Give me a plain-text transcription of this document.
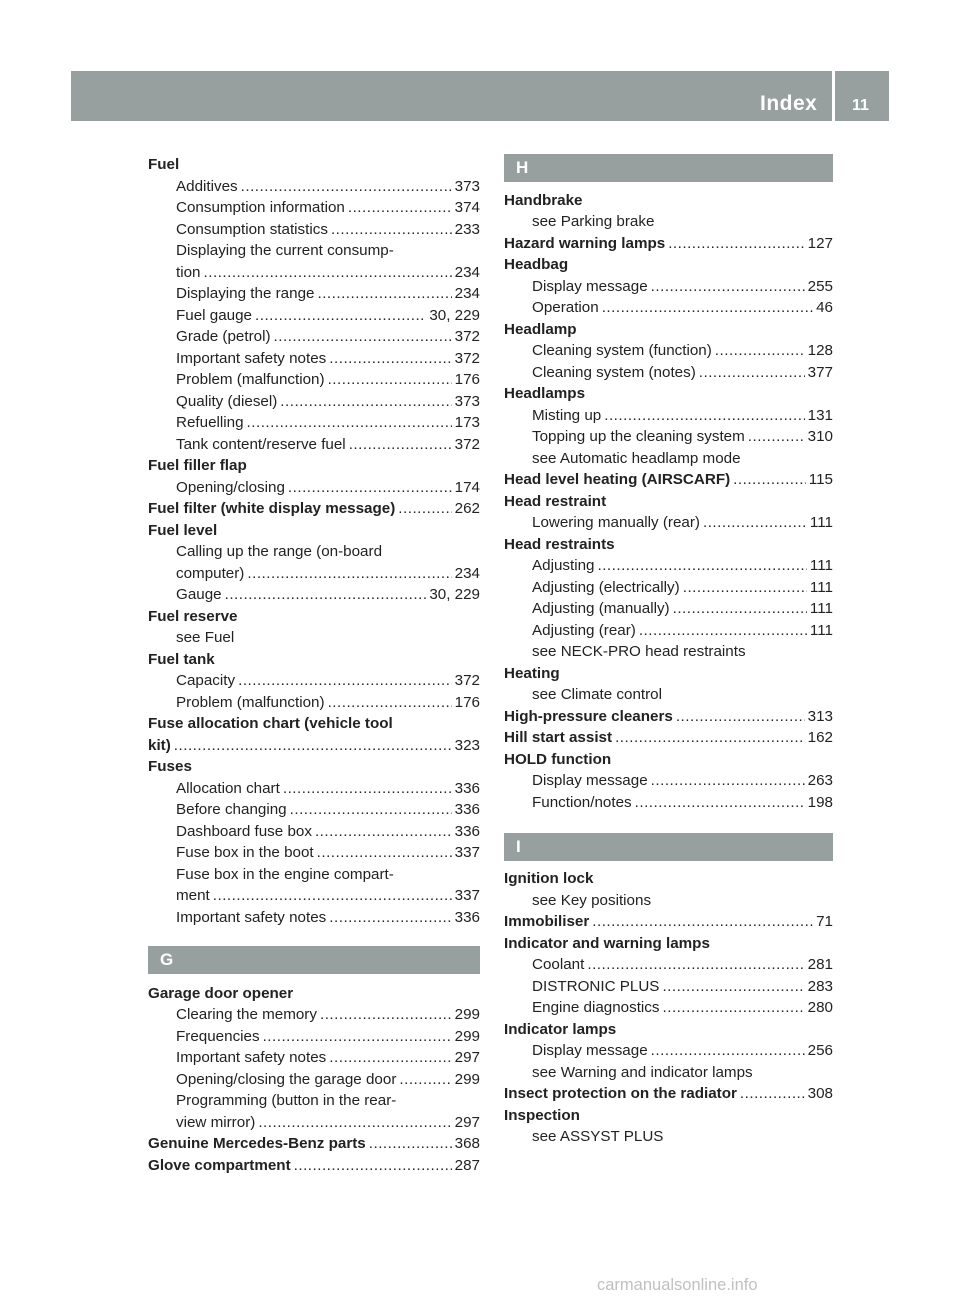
Index 11
Fuel
Additives .....	373
Consumption information .....	374
Consumption statistics .....	233
Displaying the current consump-
tion .....	234
Displaying the range .....	234
Fuel gauge .....	30, 229
Grade (petrol) .....	372
Important safety notes .....	372
Problem (malfunction) .....	176
Quality (diesel) .....	373
Refuelling .....	173
Tank content/reserve fuel .....	372
Fuel filler flap
Opening/closing .....	174
Fuel filter (white display message) .....	262
Fuel level
Calling up the range (on-board
computer) .....	234
Gauge .....	30, 229
Fuel reserve
see Fuel
Fuel tank
Capacity .....	372
Problem (malfunction) .....	176
Fuse allocation chart (vehicle tool
kit) .....	323
Fuses
Allocation chart .....	336
Before changing .....	336
Dashboard fuse box .....	336
Fuse box in the boot .....	337
Fuse box in the engine compart-
ment .....	337
Important safety notes .....	336
G
Garage door opener
Clearing the memory .....	299
Frequencies .....	299
Important safety notes .....	297
Opening/closing the garage door .....	299
Programming (button in the rear-
view mirror) .....	297
Genuine Mercedes-Benz parts .....	368
Glove compartment .....	287
H
Handbrake
see Parking brake
Hazard warning lamps .....	127
Headbag
Display message .....	255
Operation .....	46
Headlamp
Cleaning system (function) .....	128
Cleaning system (notes) .....	377
Headlamps
Misting up .....	131
Topping up the cleaning system .....	310
see Automatic headlamp mode
Head level heating (AIRSCARF) .....	115
Head restraint
Lowering manually (rear) .....	111
Head restraints
Adjusting .....	111
Adjusting (electrically) .....	111
Adjusting (manually) .....	111
Adjusting (rear) .....	111
see NECK-PRO head restraints
Heating
see Climate control
High-pressure cleaners .....	313
Hill start assist .....	162
HOLD function
Display message .....	263
Function/notes .....	198
I
Ignition lock
see Key positions
Immobiliser .....	71
Indicator and warning lamps
Coolant .....	281
DISTRONIC PLUS .....	283
Engine diagnostics .....	280
Indicator lamps
Display message .....	256
see Warning and indicator lamps
Insect protection on the radiator .....	308
Inspection
see ASSYST PLUS
carmanualsonline.info
